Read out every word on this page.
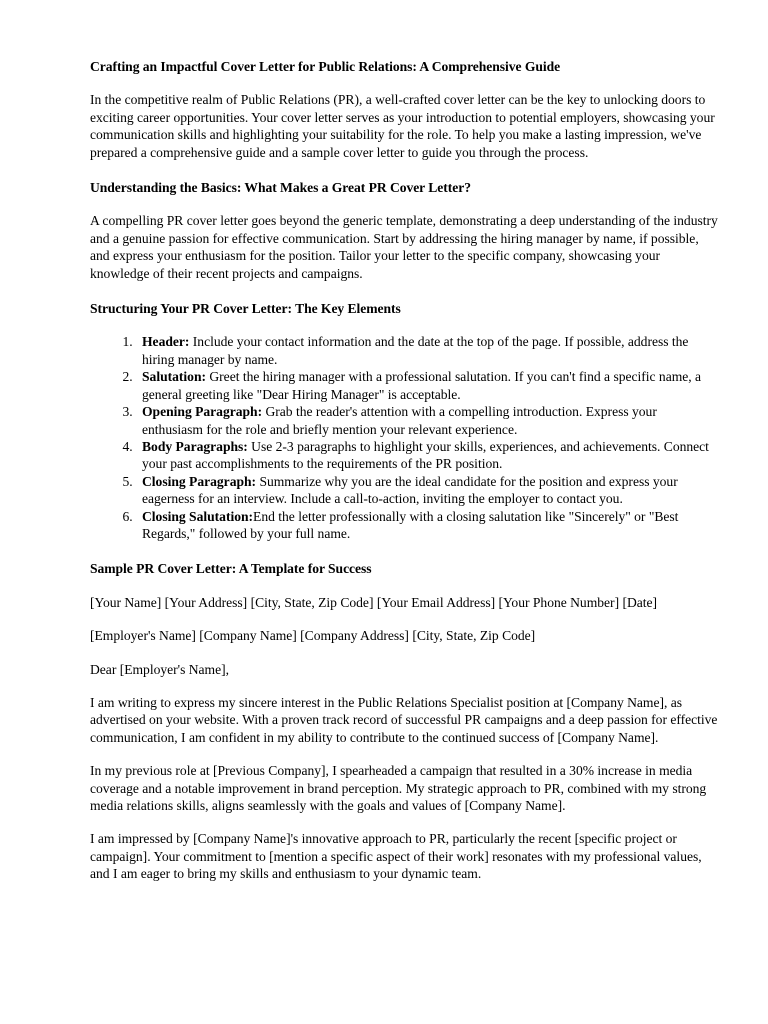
Crafting an Impactful Cover Letter for Public Relations: A Comprehensive Guide

In the competitive realm of Public Relations (PR), a well-crafted cover letter can be the key to unlocking doors to exciting career opportunities. Your cover letter serves as your introduction to potential employers, showcasing your communication skills and highlighting your suitability for the role. To help you make a lasting impression, we've prepared a comprehensive guide and a sample cover letter to guide you through the process.

Understanding the Basics: What Makes a Great PR Cover Letter?

A compelling PR cover letter goes beyond the generic template, demonstrating a deep understanding of the industry and a genuine passion for effective communication. Start by addressing the hiring manager by name, if possible, and express your enthusiasm for the position. Tailor your letter to the specific company, showcasing your knowledge of their recent projects and campaigns.

Structuring Your PR Cover Letter: The Key Elements
1. Header: Include your contact information and the date at the top of the page. If possible, address the hiring manager by name.
2. Salutation: Greet the hiring manager with a professional salutation. If you can't find a specific name, a general greeting like "Dear Hiring Manager" is acceptable.
3. Opening Paragraph: Grab the reader's attention with a compelling introduction. Express your enthusiasm for the role and briefly mention your relevant experience.
4. Body Paragraphs: Use 2-3 paragraphs to highlight your skills, experiences, and achievements. Connect your past accomplishments to the requirements of the PR position.
5. Closing Paragraph: Summarize why you are the ideal candidate for the position and express your eagerness for an interview. Include a call-to-action, inviting the employer to contact you.
6. Closing Salutation:End the letter professionally with a closing salutation like "Sincerely" or "Best Regards," followed by your full name.
Sample PR Cover Letter: A Template for Success

[Your Name] [Your Address] [City, State, Zip Code] [Your Email Address] [Your Phone Number] [Date]

[Employer's Name] [Company Name] [Company Address] [City, State, Zip Code]

Dear [Employer's Name],

I am writing to express my sincere interest in the Public Relations Specialist position at [Company Name], as advertised on your website. With a proven track record of successful PR campaigns and a deep passion for effective communication, I am confident in my ability to contribute to the continued success of [Company Name].

In my previous role at [Previous Company], I spearheaded a campaign that resulted in a 30% increase in media coverage and a notable improvement in brand perception. My strategic approach to PR, combined with my strong media relations skills, aligns seamlessly with the goals and values of [Company Name].

I am impressed by [Company Name]'s innovative approach to PR, particularly the recent [specific project or campaign]. Your commitment to [mention a specific aspect of their work] resonates with my professional values, and I am eager to bring my skills and enthusiasm to your dynamic team.
